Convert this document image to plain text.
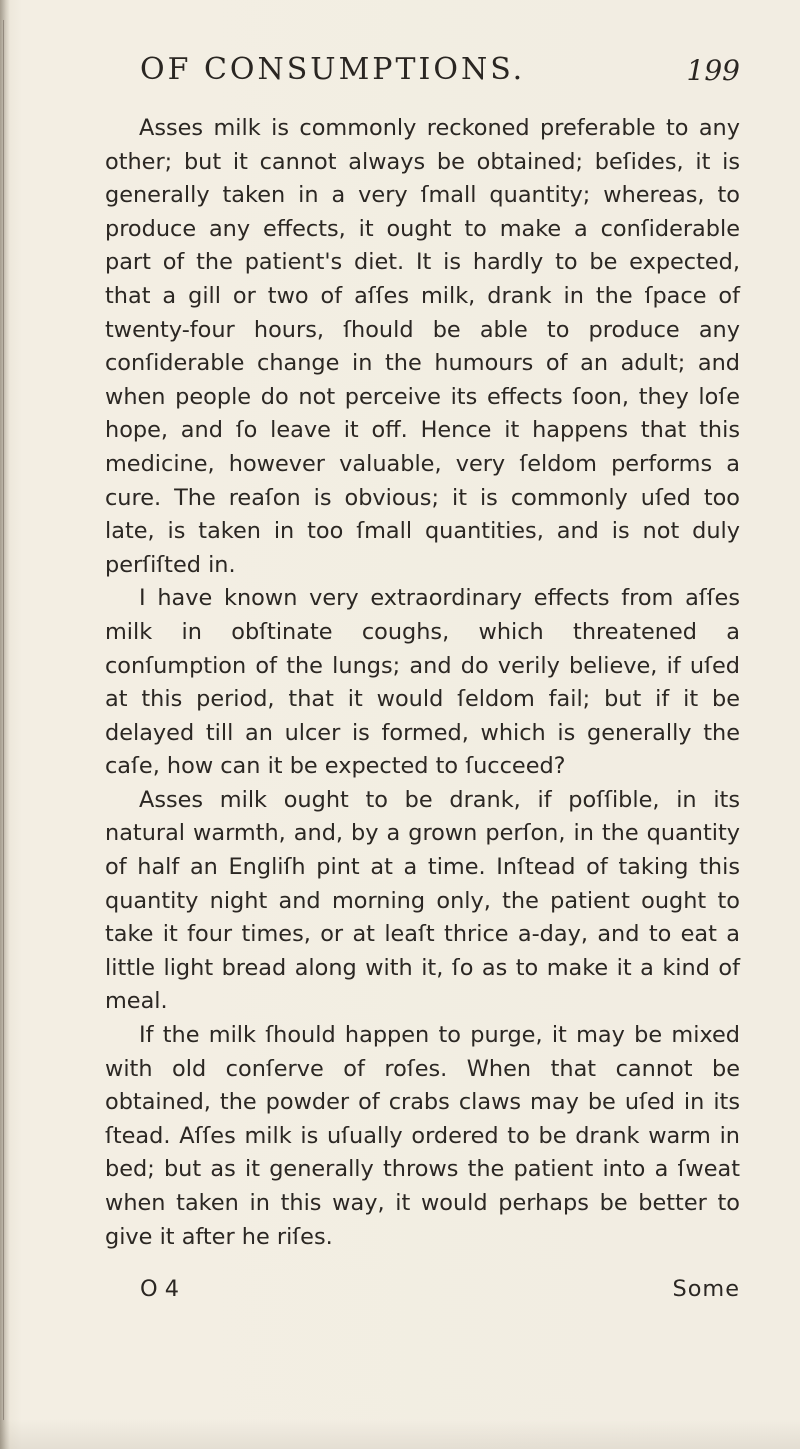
OF CONSUMPTIONS.	199

Asses milk is commonly reckoned preferable to any other; but it cannot always be obtained; beſides, it is generally taken in a very ſmall quantity; whereas, to produce any effects, it ought to make a conſiderable part of the patient's diet. It is hardly to be expected, that a gill or two of aſſes milk, drank in the ſpace of twenty-four hours, ſhould be able to produce any conſiderable change in the humours of an adult; and when people do not perceive its effects ſoon, they loſe hope, and ſo leave it off. Hence it happens that this medicine, however valuable, very ſeldom performs a cure. The reaſon is obvious; it is commonly uſed too late, is taken in too ſmall quantities, and is not duly perſiſted in.

I have known very extraordinary effects from aſſes milk in obſtinate coughs, which threatened a conſumption of the lungs; and do verily believe, if uſed at this period, that it would ſeldom fail; but if it be delayed till an ulcer is formed, which is generally the caſe, how can it be expected to ſucceed?

Asses milk ought to be drank, if poſſible, in its natural warmth, and, by a grown perſon, in the quantity of half an Engliſh pint at a time. Inſtead of taking this quantity night and morning only, the patient ought to take it four times, or at leaſt thrice a-day, and to eat a little light bread along with it, ſo as to make it a kind of meal.

If the milk ſhould happen to purge, it may be mixed with old conſerve of roſes. When that cannot be obtained, the powder of crabs claws may be uſed in its ſtead. Aſſes milk is uſually ordered to be drank warm in bed; but as it generally throws the patient into a ſweat when taken in this way, it would perhaps be better to give it after he riſes.

O 4	Some
